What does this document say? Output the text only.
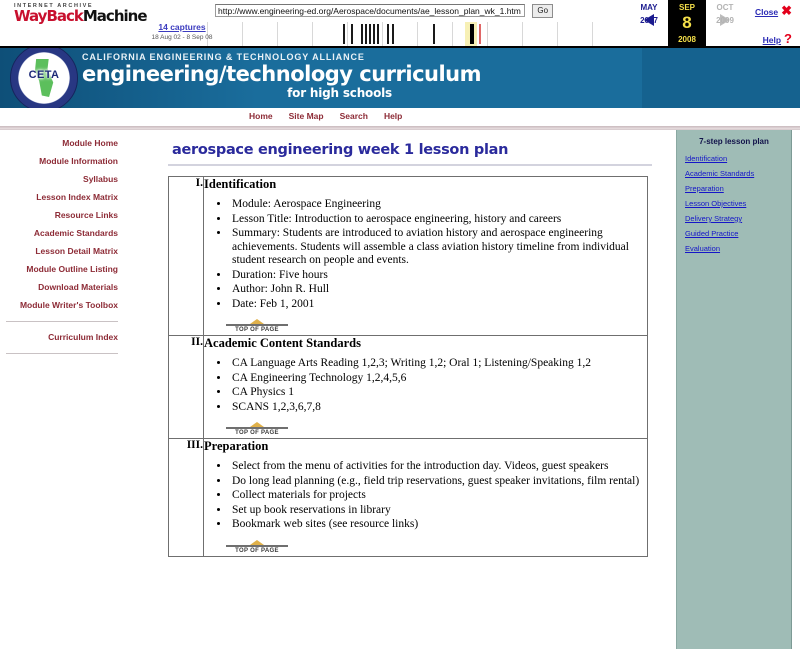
INTERNET ARCHIVE
WayBackMachine
14 captures
18 Aug 02 - 8 Sep 08
http://www.engineering-ed.org/Aerospace/documents/ae_lesson_plan_wk_1.htm Go	MAY
2007
SEP
8
2008
OCT
2009
Close ✖
Help ?
CETA
CALIFORNIA ENGINEERING & TECHNOLOGY ALLIANCE
engineering/technology curriculum
for high schools
Home Site Map Search Help
Module Home
Module Information
Syllabus
Lesson Index Matrix
Resource Links
Academic Standards
Lesson Detail Matrix
Module Outline Listing
Download Materials
Module Writer's Toolbox
Curriculum Index
aerospace engineering week 1 lesson plan
I.	Identification
• Module: Aerospace Engineering
• Lesson Title: Introduction to aerospace engineering, history and careers
• Summary: Students are introduced to aviation history and aerospace engineering achievements. Students will assemble a class aviation history timeline from individual student research on people and events.
• Duration: Five hours
• Author: John R. Hull
• Date: Feb 1, 2001
TOP OF PAGE

II.	Academic Content Standards
• CA Language Arts Reading 1,2,3; Writing 1,2; Oral 1; Listening/Speaking 1,2
• CA Engineering Technology 1,2,4,5,6
• CA Physics 1
• SCANS 1,2,3,6,7,8
TOP OF PAGE

III.	Preparation
• Select from the menu of activities for the introduction day. Videos, guest speakers
• Do long lead planning (e.g., field trip reservations, guest speaker invitations, film rental)
• Collect materials for projects
• Set up book reservations in library
• Bookmark web sites (see resource links)
TOP OF PAGE
7-step lesson plan
Identification
Academic Standards
Preparation
Lesson Objectives
Delivery Strategy
Guided Practice
Evaluation
